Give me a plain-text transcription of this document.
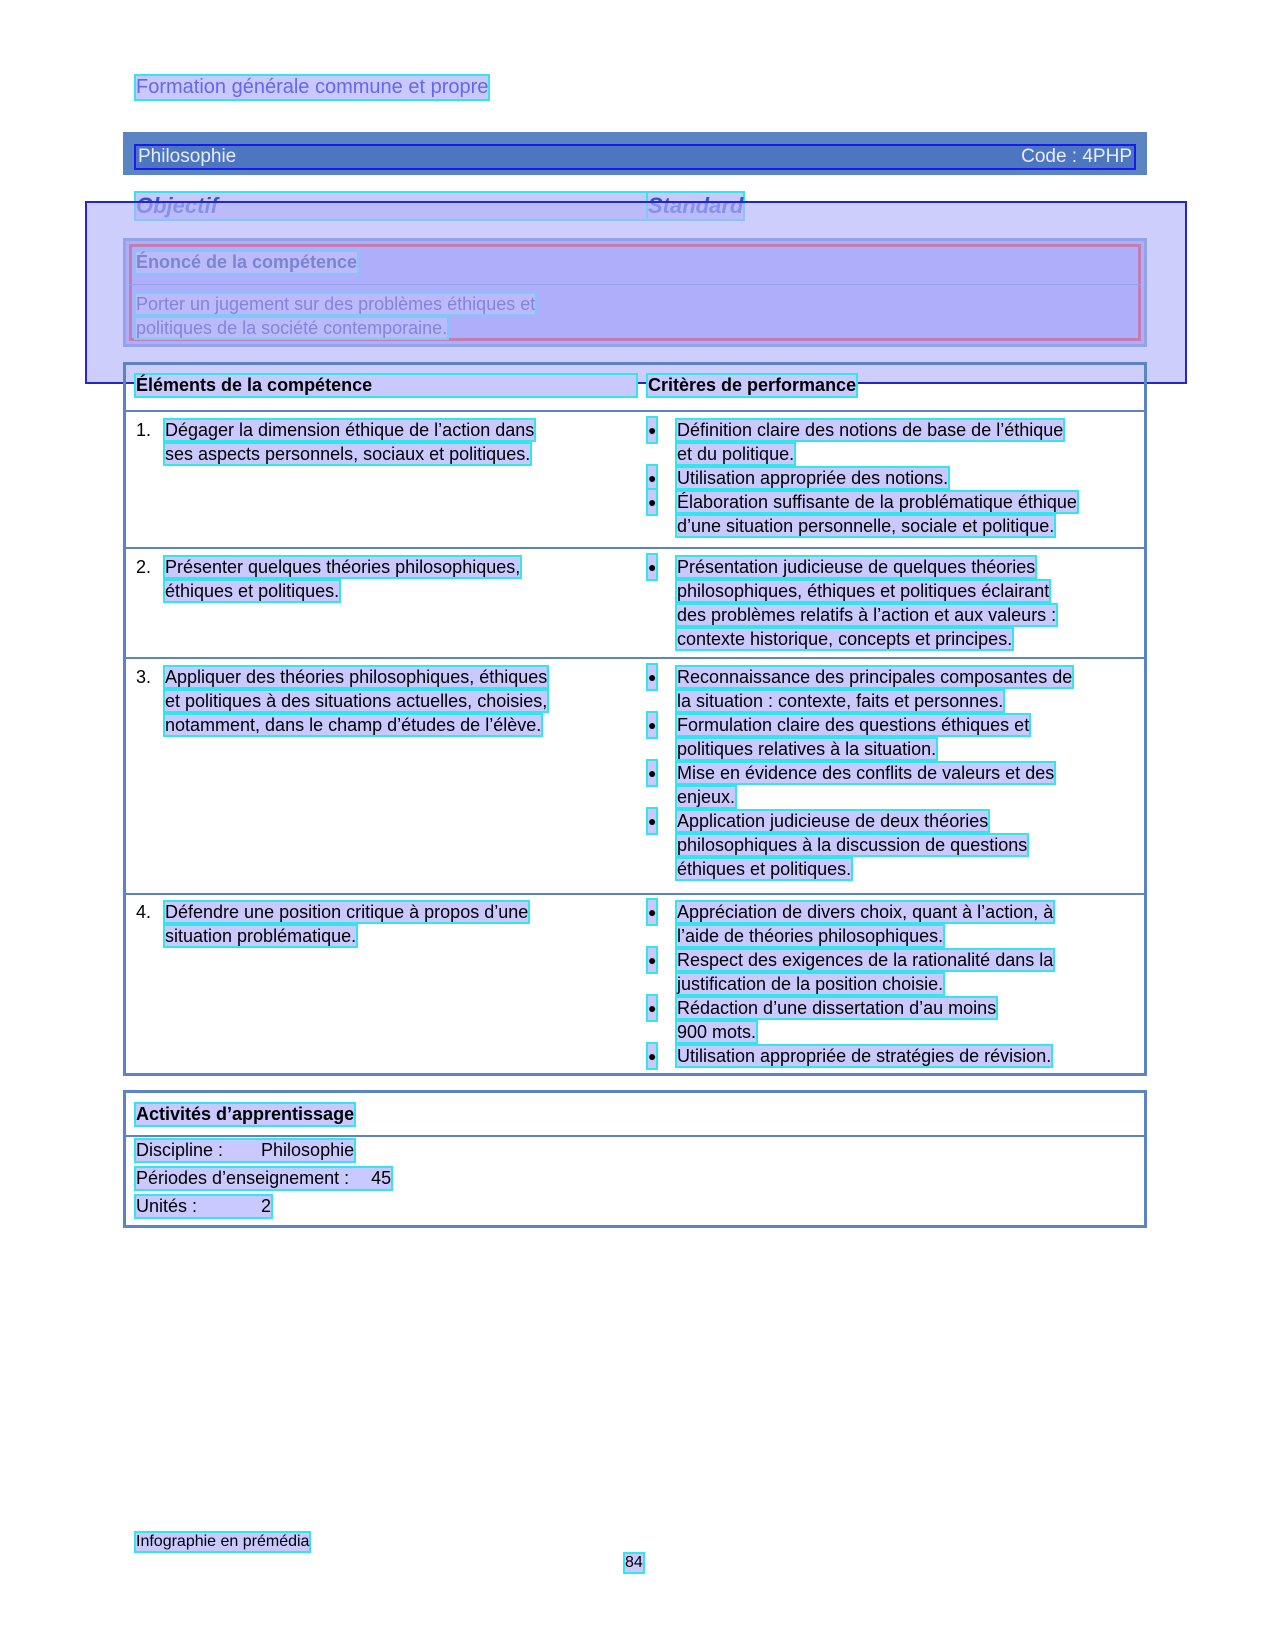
Formation générale commune et propre
Philosophie	Code : 4PHP
Éléments de la compétence	Critères de performance
1. Dégager la dimension éthique de l’action dans
ses aspects personnels, sociaux et politiques.
● Définition claire des notions de base de l’éthique
et du politique.
● Utilisation appropriée des notions.
● Élaboration suffisante de la problématique éthique
d’une situation personnelle, sociale et politique.
2. Présenter quelques théories philosophiques,
éthiques et politiques.
● Présentation judicieuse de quelques théories
philosophiques, éthiques et politiques éclairant
des problèmes relatifs à l’action et aux valeurs :
contexte historique, concepts et principes.
3. Appliquer des théories philosophiques, éthiques
et politiques à des situations actuelles, choisies,
notamment, dans le champ d’études de l’élève.
● Reconnaissance des principales composantes de
la situation : contexte, faits et personnes.
● Formulation claire des questions éthiques et
politiques relatives à la situation.
● Mise en évidence des conflits de valeurs et des
enjeux.
● Application judicieuse de deux théories
philosophiques à la discussion de questions
éthiques et politiques.
4. Défendre une position critique à propos d’une
situation problématique.
● Appréciation de divers choix, quant à l’action, à
l’aide de théories philosophiques.
● Respect des exigences de la rationalité dans la
justification de la position choisie.
● Rédaction d’une dissertation d’au moins
900 mots.
● Utilisation appropriée de stratégies de révision.
Activités d’apprentissage
Discipline : Philosophie
Périodes d’enseignement : 45
Unités :	2
Infographie en prémédia
84
